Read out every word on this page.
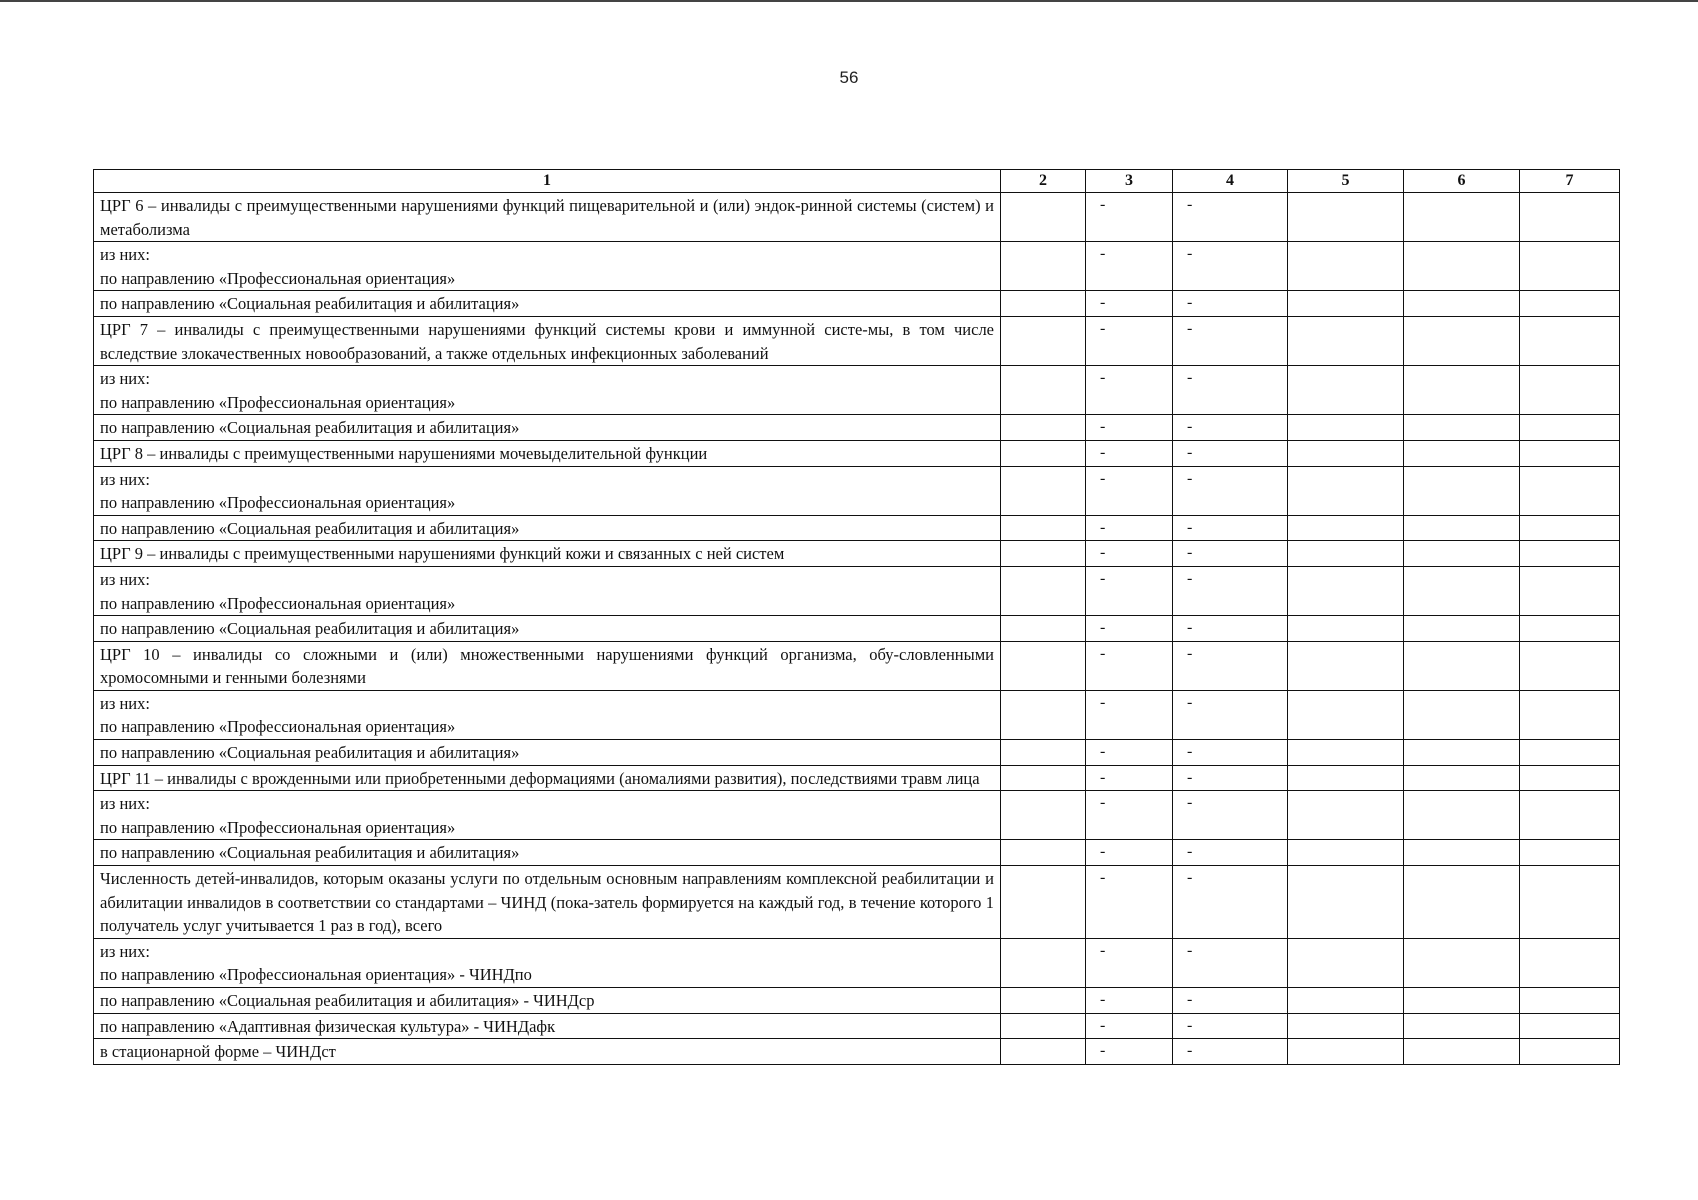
56
1	2	3	4	5	6	7
ЦРГ 6 – инвалиды с преимущественными нарушениями функций пищеварительной и (или) эндок-ринной системы (систем) и метаболизма		-	-			
из них:
по направлению «Профессиональная ориентация»		-	-			
по направлению «Социальная реабилитация и абилитация»		-	-			
ЦРГ 7 – инвалиды с преимущественными нарушениями функций системы крови и иммунной систе-мы, в том числе вследствие злокачественных новообразований, а также отдельных инфекционных заболеваний		-	-			
из них:
по направлению «Профессиональная ориентация»		-	-			
по направлению «Социальная реабилитация и абилитация»		-	-			
ЦРГ 8 – инвалиды с преимущественными нарушениями мочевыделительной функции		-	-			
из них:
по направлению «Профессиональная ориентация»		-	-			
по направлению «Социальная реабилитация и абилитация»		-	-			
ЦРГ 9 – инвалиды с преимущественными нарушениями функций кожи и связанных с ней систем		-	-			
из них:
по направлению «Профессиональная ориентация»		-	-			
по направлению «Социальная реабилитация и абилитация»		-	-			
ЦРГ 10 – инвалиды со сложными и (или) множественными нарушениями функций организма, обу-словленными хромосомными и генными болезнями		-	-			
из них:
по направлению «Профессиональная ориентация»		-	-			
по направлению «Социальная реабилитация и абилитация»		-	-			
ЦРГ 11 – инвалиды с врожденными или приобретенными деформациями (аномалиями развития), последствиями травм лица		-	-			
из них:
по направлению «Профессиональная ориентация»		-	-			
по направлению «Социальная реабилитация и абилитация»		-	-			
Численность детей-инвалидов, которым оказаны услуги по отдельным основным направлениям комплексной реабилитации и абилитации инвалидов в соответствии со стандартами – ЧИНД (пока-затель формируется на каждый год, в течение которого 1 получатель услуг учитывается 1 раз в год), всего		-	-			
из них:
по направлению «Профессиональная ориентация» - ЧИНДпо		-	-			
по направлению «Социальная реабилитация и абилитация» - ЧИНДср		-	-			
по направлению «Адаптивная физическая культура» - ЧИНДафк		-	-			
в стационарной форме – ЧИНДст		-	-			
